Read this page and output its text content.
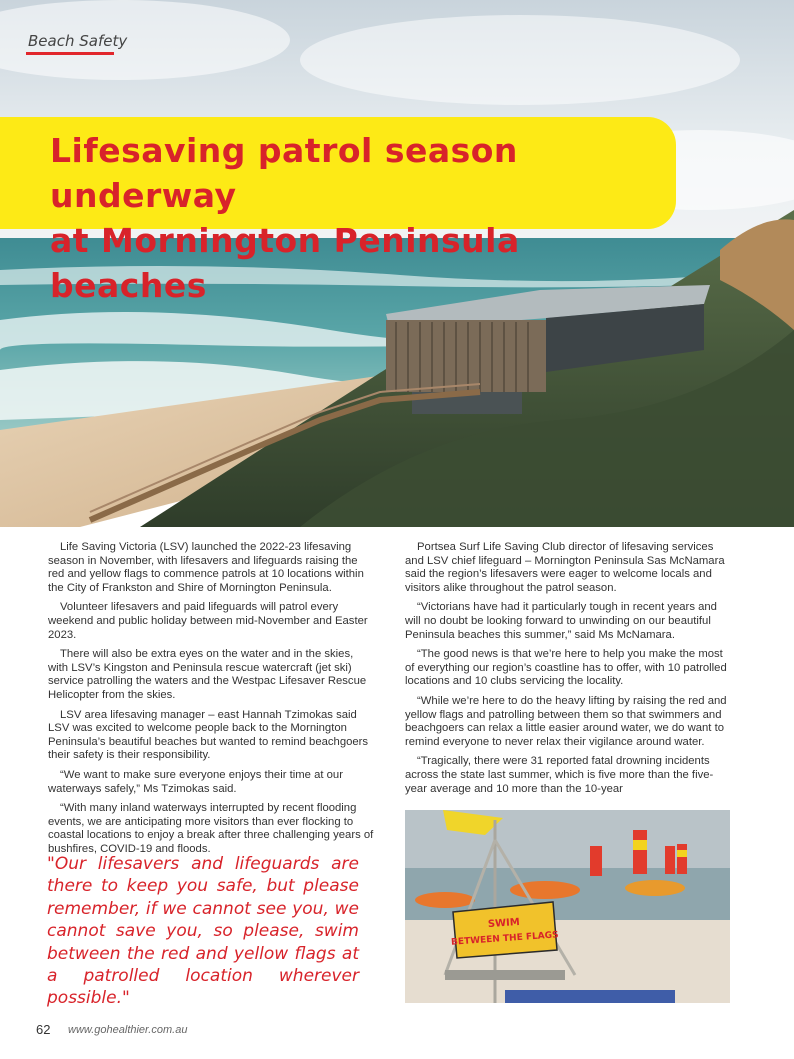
Beach Safety
Lifesaving patrol season underway
at Mornington Peninsula beaches

Life Saving Victoria (LSV) launched the 2022-23 lifesaving season in November, with lifesavers and lifeguards raising the red and yellow flags to commence patrols at 10 locations within the City of Frankston and Shire of Mornington Peninsula.

Volunteer lifesavers and paid lifeguards will patrol every weekend and public holiday between mid-November and Easter 2023.

There will also be extra eyes on the water and in the skies, with LSV’s Kingston and Peninsula rescue watercraft (jet ski) service patrolling the waters and the Westpac Lifesaver Rescue Helicopter from the skies.

LSV area lifesaving manager – east Hannah Tzimokas said LSV was excited to welcome people back to the Mornington Peninsula’s beautiful beaches but wanted to remind beachgoers their safety is their responsibility.

“We want to make sure everyone enjoys their time at our waterways safely,” Ms Tzimokas said.

“With many inland waterways interrupted by recent flooding events, we are anticipating more visitors than ever flocking to coastal locations to enjoy a break after three challenging years of bushfires, COVID-19 and floods.

Portsea Surf Life Saving Club director of lifesaving services and LSV chief lifeguard – Mornington Peninsula Sas McNamara said the region’s lifesavers were eager to welcome locals and visitors alike throughout the patrol season.

“Victorians have had it particularly tough in recent years and will no doubt be looking forward to unwinding on our beautiful Peninsula beaches this summer,” said Ms McNamara.

“The good news is that we’re here to help you make the most of everything our region’s coastline has to offer, with 10 patrolled locations and 10 clubs servicing the locality.

“While we’re here to do the heavy lifting by raising the red and yellow flags and patrolling between them so that swimmers and beachgoers can relax a little easier around water, we do want to remind everyone to never relax their vigilance around water.

“Tragically, there were 31 reported fatal drowning incidents across the state last summer, which is five more than the five-year average and 10 more than the 10-year

"Our lifesavers and lifeguards are there to keep you safe, but please remember, if we cannot see you, we cannot save you, so please, swim between the red and yellow flags at a patrolled location wherever possible."

SWIM
BETWEEN THE FLAGS
62 www.gohealthier.com.au
